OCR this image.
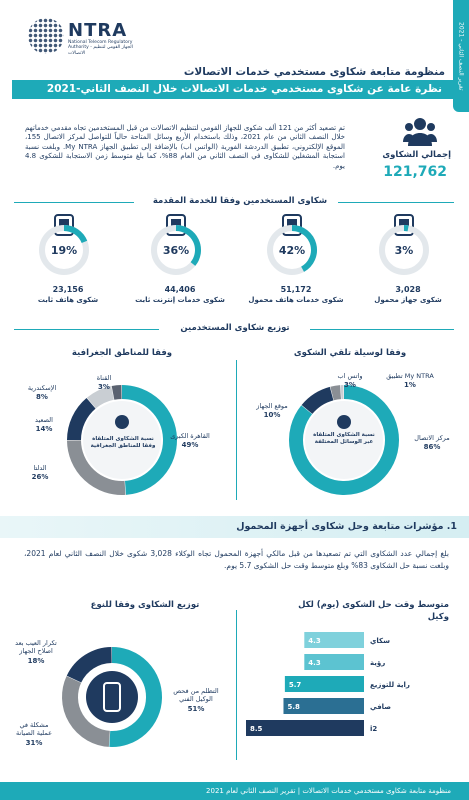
تقرير النصف الثاني - 2021
NTRA
National Telecom Regulatory Authority - الجهاز القومي لتنظيم الاتصالات
منظومة متابعة شكاوى مستخدمي خدمات الاتصالات
نظرة عامة عن شكاوى مستخدمي خدمات الاتصالات خلال النصف الثاني-2021
تم تصعيد أكثر من 121 ألف شكوى للجهاز القومي لتنظيم الاتصالات من قبل المستخدمين تجاه مقدمي خدماتهم خلال النصف الثاني من عام 2021، وذلك باستخدام الأربع وسائل المتاحة حالياً للتواصل لمركز الاتصال 155، الموقع الإلكتروني، تطبيق الدردشة الفورية (الواتس اب) بالإضافة إلى تطبيق الجهاز My NTRA. وبلغت نسبة استجابة المشغلين للشكاوى في النصف الثاني من العام 88%، كما بلغ متوسط زمن الاستجابة للشكوى 4.8 يوم.
إجمالي الشكاوى
121,762
شكاوى المستخدمين وفقا للخدمة المقدمة
3%
3,028
شكوى جهاز محمول
42%
51,172
شكوى خدمات هاتف محمول
36%
44,406
شكوى خدمات إنترنت ثابت
19%
23,156
شكوى هاتف ثابت
توزيع شكاوى المستخدمين
وفقا لوسيلة تلقي الشكوى
وفقا للمناطق الجغرافية
مركز الاتصال
86%
موقع الجهاز
10%
واتس اب
3%
تطبيق My NTRA
1%
القاهرة الكبرى
49%
الدلتا
26%
الصعيد
14%
الإسكندرية
8%
القناة
3%
نسبة الشكاوى المتلقاة عبر الوسائل المختلفة
نسبة الشكاوى المتلقاة وفقا للمناطق الجغرافية
1. مؤشرات متابعة وحل شكاوى أجهزة المحمول
بلغ إجمالي عدد الشكاوى التي تم تصعيدها من قبل مالكي أجهزة المحمول تجاه الوكلاء 3,028 شكوى خلال النصف الثاني لعام 2021، وبلغت نسبة حل الشكاوى 83% وبلغ متوسط وقت حل الشكوى 5.7 يوم.
متوسط وقت حل الشكوى (يوم) لكل وكيل
توزيع الشكاوى وفقا للنوع
4.3	سكاي
4.3	رؤية
5.7	راية للتوزيع
5.8	صافي
8.5	i2
التظلم من فحص
الوكيل الفني
51%
مشكلة في
عملية الصيانة
31%
تكرار العيب بعد
اصلاح الجهاز
18%
منظومة متابعة شكاوى مستخدمي خدمات الاتصالات | تقرير النصف الثاني لعام 2021
